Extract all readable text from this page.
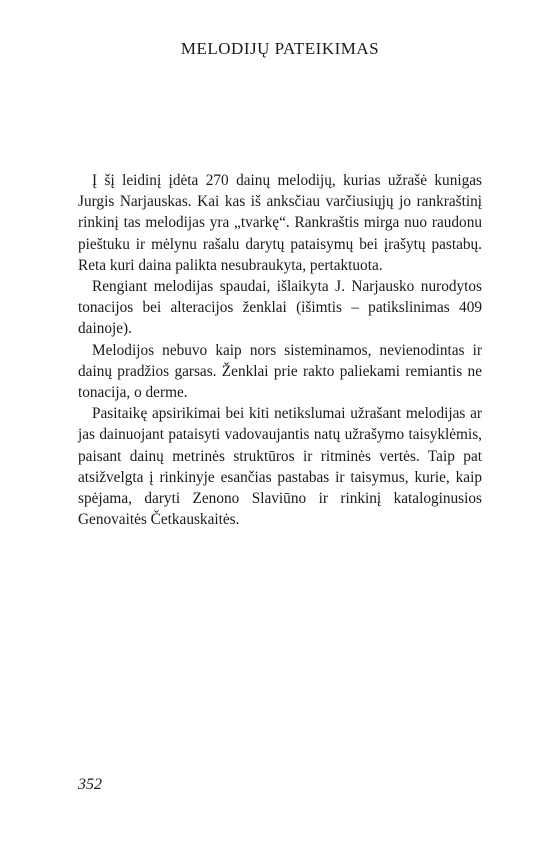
MELODIJŲ PATEIKIMAS

Į šį leidinį įdėta 270 dainų melodijų, kurias užrašė kunigas Jurgis Narjauskas. Kai kas iš anksčiau varčiusiųjų jo rankraštinį rinkinį tas melodijas yra „tvarkę“. Rankraštis mirga nuo raudonu pieštuku ir mėlynu rašalu darytų pataisymų bei įrašytų pastabų. Reta kuri daina palikta nesubraukyta, pertaktuota.

Rengiant melodijas spaudai, išlaikyta J. Narjausko nurodytos tonacijos bei alteracijos ženklai (išimtis – patikslinimas 409 dainoje).

Melodijos nebuvo kaip nors sisteminamos, nevienodintas ir dainų pradžios garsas. Ženklai prie rakto paliekami remiantis ne tonacija, o derme.

Pasitaikę apsirikimai bei kiti netikslumai užrašant melodijas ar jas dainuojant pataisyti vadovaujantis natų užrašymo taisyklėmis, paisant dainų metrinės struktūros ir ritminės vertės. Taip pat atsižvelgta į rinkinyje esančias pastabas ir taisymus, kurie, kaip spėjama, daryti Zenono Slaviūno ir rinkinį kataloginusios Genovaitės Četkauskaitės.

352
